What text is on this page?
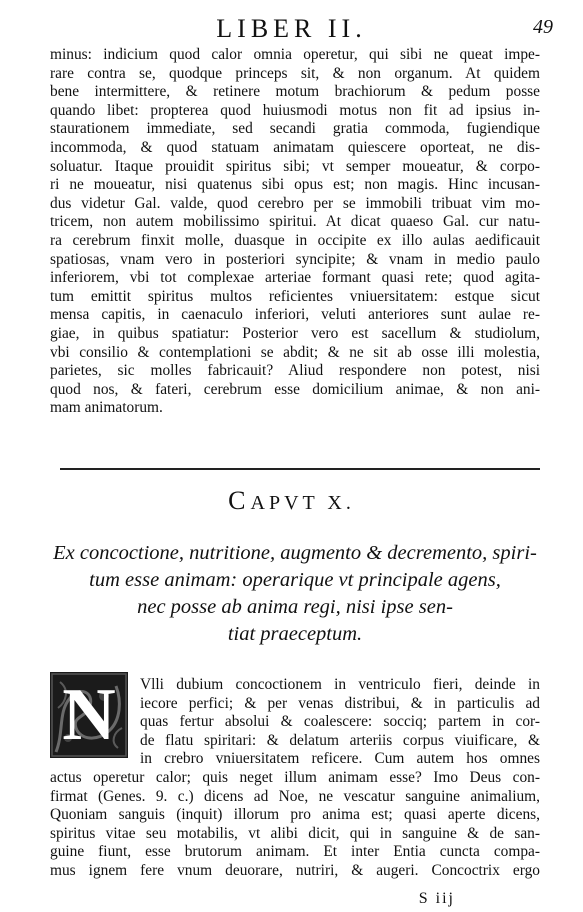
LIBER II.	49
minus: indicium quod calor omnia operetur, qui sibi ne queat impe-
rare contra se, quodque princeps sit, & non organum. At quidem
bene intermittere, & retinere motum brachiorum & pedum posse
quando libet: propterea quod huiusmodi motus non fit ad ipsius in-
staurationem immediate, sed secandi gratia commoda, fugiendique
incommoda, & quod statuam animatam quiescere oporteat, ne dis-
soluatur. Itaque prouidit spiritus sibi; vt semper moueatur, & corpo-
ri ne moueatur, nisi quatenus sibi opus est; non magis. Hinc incusan-
dus videtur Gal. valde, quod cerebro per se immobili tribuat vim mo-
tricem, non autem mobilissimo spiritui. At dicat quaeso Gal. cur natu-
ra cerebrum finxit molle, duasque in occipite ex illo aulas aedificauit
spatiosas, vnam vero in posteriori syncipite; & vnam in medio paulo
inferiorem, vbi tot complexae arteriae formant quasi rete; quod agita-
tum emittit spiritus multos reficientes vniuersitatem: estque sicut
mensa capitis, in caenaculo inferiori, veluti anteriores sunt aulae re-
giae, in quibus spatiatur: Posterior vero est sacellum & studiolum,
vbi consilio & contemplationi se abdit; & ne sit ab osse illi molestia,
parietes, sic molles fabricauit? Aliud respondere non potest, nisi
quod nos, & fateri, cerebrum esse domicilium animae, & non ani-
mam animatorum.
CAPVT X.
Ex concoctione, nutritione, augmento & decremento, spiri-
tum esse animam: operarique vt principale agens,
nec posse ab anima regi, nisi ipse sen-
tiat praeceptum.
N	Vlli dubium concoctionem in ventriculo fieri, deinde in
iecore perfici; & per venas distribui, & in particulis ad
quas fertur absolui & coalescere: socciq; partem in cor-
de flatu spiritari: & delatum arteriis corpus viuificare, &
in crebro vniuersitatem reficere. Cum autem hos omnes
actus operetur calor; quis neget illum animam esse? Imo Deus con-
firmat (Genes. 9. c.) dicens ad Noe, ne vescatur sanguine animalium,
Quoniam sanguis (inquit) illorum pro anima est; quasi aperte dicens,
spiritus vitae seu motabilis, vt alibi dicit, qui in sanguine & de san-
guine fiunt, esse brutorum animam. Et inter Entia cuncta compa-
mus ignem fere vnum deuorare, nutriri, & augeri. Concoctrix ergo
S iij
